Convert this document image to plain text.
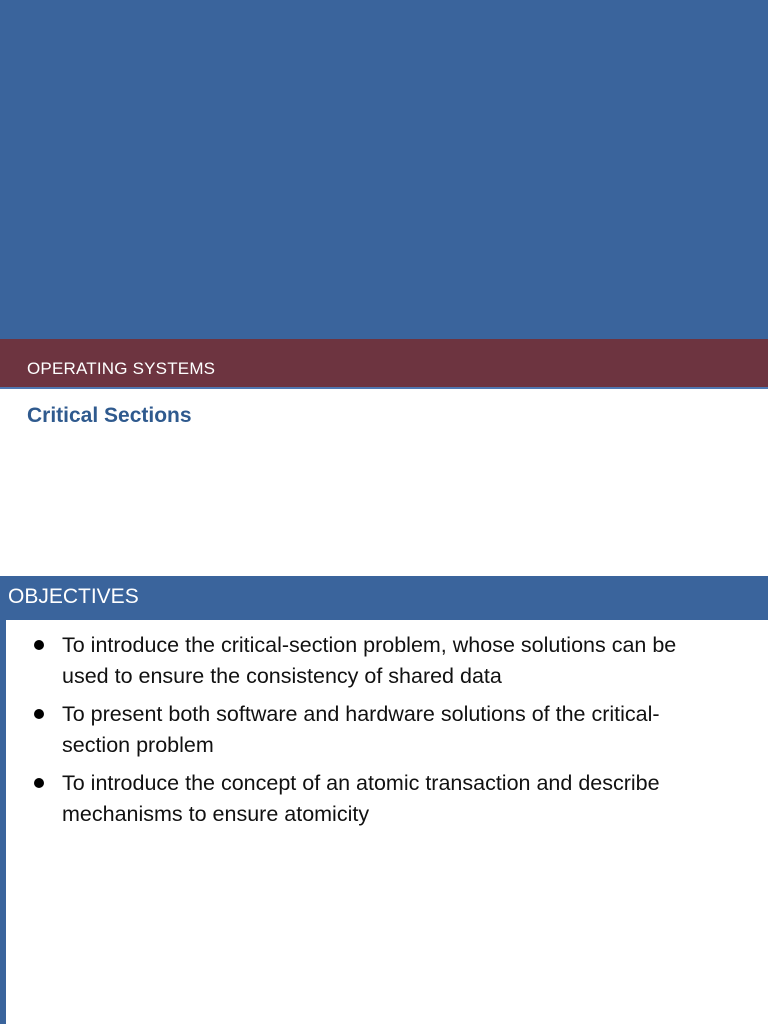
OPERATING SYSTEMS
Critical Sections
OBJECTIVES
To introduce the critical-section problem, whose solutions can be used to ensure the consistency of shared data
To present both software and hardware solutions of the critical-section problem
To introduce the concept of an atomic transaction and describe mechanisms to ensure atomicity
